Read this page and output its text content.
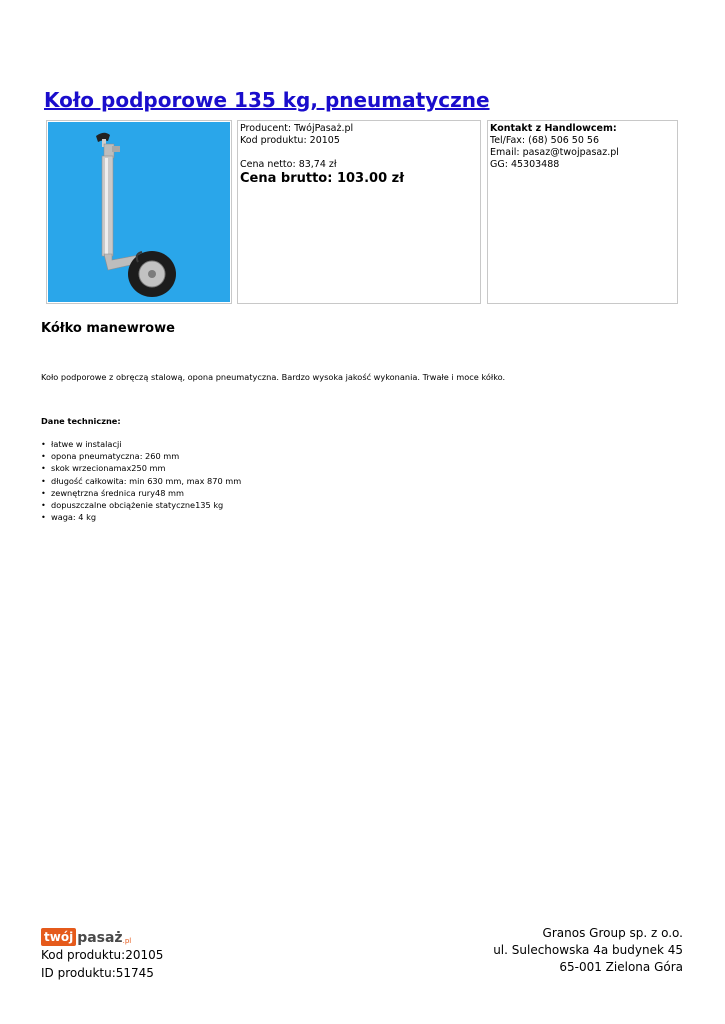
Koło podporowe 135 kg, pneumatyczne
Producent: TwójPasaż.pl
Kod produktu: 20105
Cena netto: 83,74 zł
Cena brutto: 103.00 zł
Kontakt z Handlowcem:
Tel/Fax: (68) 506 50 56
Email: pasaz@twojpasaz.pl
GG: 45303488
Kółko manewrowe

Koło podporowe z obręczą stalową, opona pneumatyczna. Bardzo wysoka jakość wykonania. Trwałe i moce kółko.

Dane techniczne:

• łatwe w instalacji
• opona pneumatyczna: 260 mm
• skok wrzecionamax250 mm
• długość całkowita: min 630 mm, max 870 mm
• zewnętrzna średnica rury48 mm
• dopuszczalne obciążenie statyczne135 kg
• waga: 4 kg
twój pasaż .pl
Kod produktu:20105
ID produktu:51745
Granos Group sp. z o.o.
ul. Sulechowska 4a budynek 45
65-001 Zielona Góra
